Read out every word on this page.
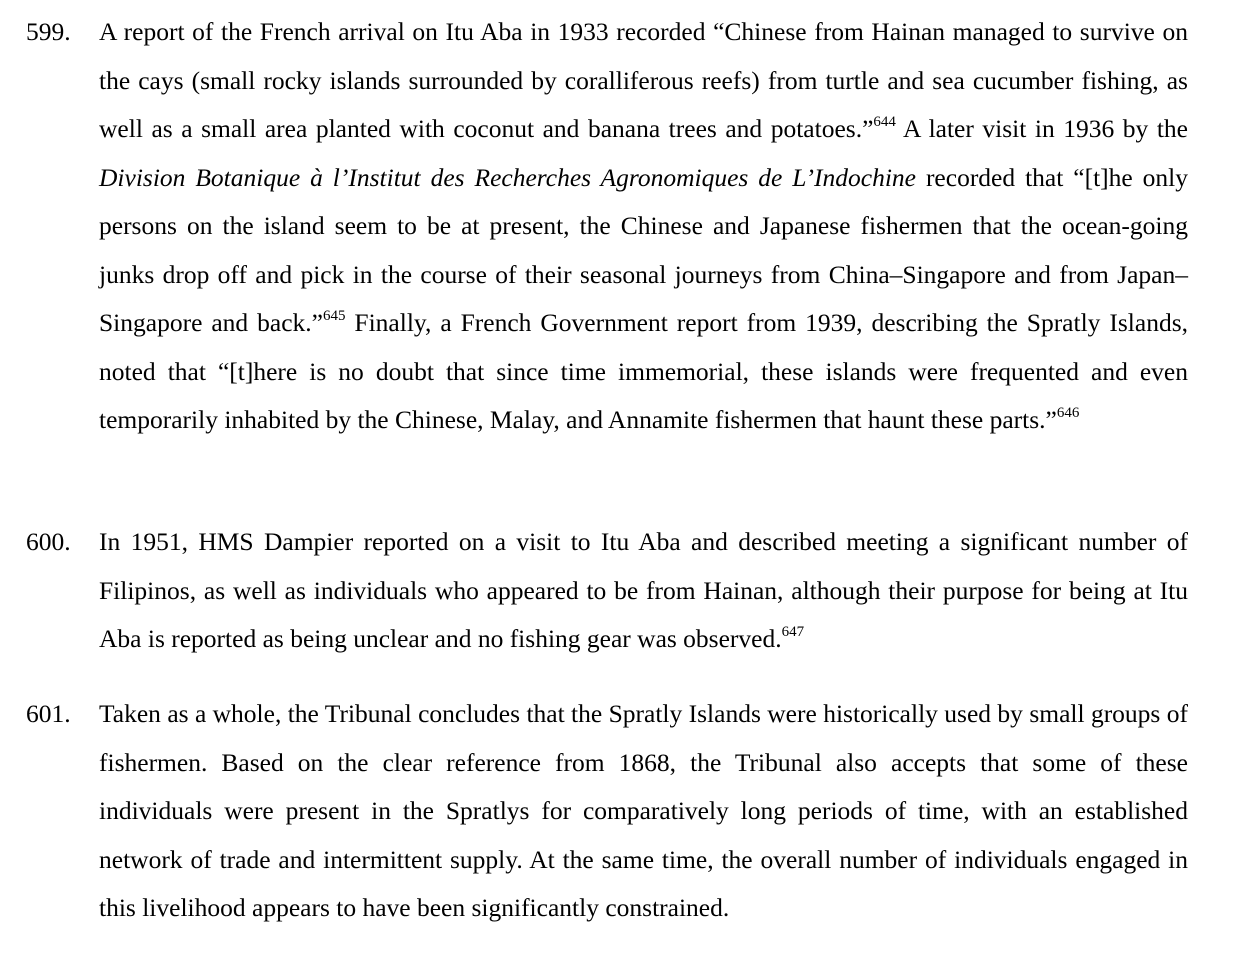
599.	A report of the French arrival on Itu Aba in 1933 recorded “Chinese from Hainan managed to survive on the cays (small rocky islands surrounded by coralliferous reefs) from turtle and sea cucumber fishing, as well as a small area planted with coconut and banana trees and potatoes.”$^{644}$ A later visit in 1936 by the Division Botanique à l’Institut des Recherches Agronomiques de L’Indochine recorded that “[t]he only persons on the island seem to be at present, the Chinese and Japanese fishermen that the ocean-going junks drop off and pick in the course of their seasonal journeys from China–Singapore and from Japan–Singapore and back.”$^{645}$ Finally, a French Government report from 1939, describing the Spratly Islands, noted that “[t]here is no doubt that since time immemorial, these islands were frequented and even temporarily inhabited by the Chinese, Malay, and Annamite fishermen that haunt these parts.”$^{646}$
600.	In 1951, HMS Dampier reported on a visit to Itu Aba and described meeting a significant number of Filipinos, as well as individuals who appeared to be from Hainan, although their purpose for being at Itu Aba is reported as being unclear and no fishing gear was observed.$^{647}$
601.	Taken as a whole, the Tribunal concludes that the Spratly Islands were historically used by small groups of fishermen. Based on the clear reference from 1868, the Tribunal also accepts that some of these individuals were present in the Spratlys for comparatively long periods of time, with an established network of trade and intermittent supply. At the same time, the overall number of individuals engaged in this livelihood appears to have been significantly constrained.
